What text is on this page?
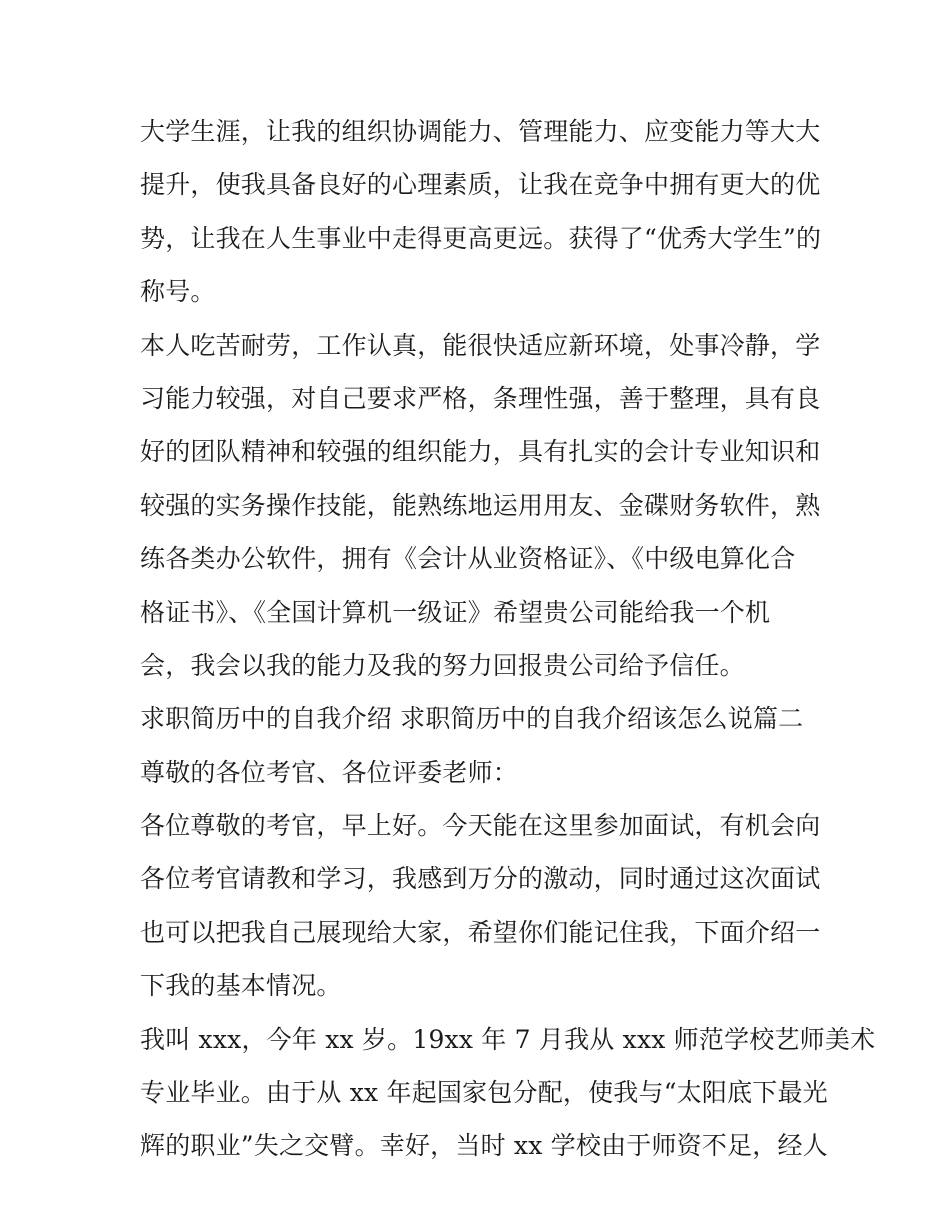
大学生涯，让我的组织协调能力、管理能力、应变能力等大大
提升，使我具备良好的心理素质，让我在竞争中拥有更大的优
势，让我在人生事业中走得更高更远。获得了“优秀大学生”的
称号。
本人吃苦耐劳，工作认真，能很快适应新环境，处事冷静，学
习能力较强，对自己要求严格，条理性强，善于整理，具有良
好的团队精神和较强的组织能力，具有扎实的会计专业知识和
较强的实务操作技能，能熟练地运用用友、金碟财务软件，熟
练各类办公软件，拥有《会计从业资格证》、《中级电算化合
格证书》、《全国计算机一级证》希望贵公司能给我一个机
会，我会以我的能力及我的努力回报贵公司给予信任。
求职简历中的自我介绍 求职简历中的自我介绍该怎么说篇二
尊敬的各位考官、各位评委老师：
各位尊敬的考官，早上好。今天能在这里参加面试，有机会向
各位考官请教和学习，我感到万分的激动，同时通过这次面试
也可以把我自己展现给大家，希望你们能记住我，下面介绍一
下我的基本情况。
我叫 xxx，今年 xx 岁。19xx 年 7 月我从 xxx 师范学校艺师美术
专业毕业。由于从 xx 年起国家包分配，使我与“太阳底下最光
辉的职业”失之交臂。幸好，当时 xx 学校由于师资不足，经人
